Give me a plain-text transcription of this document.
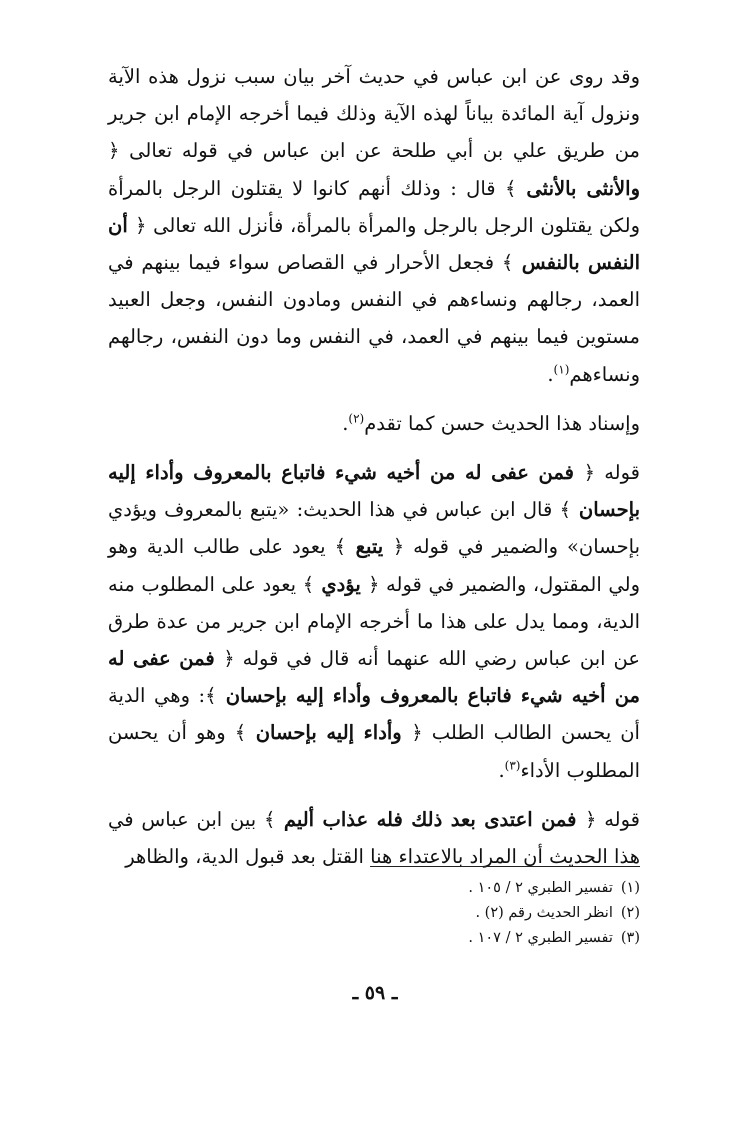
وقد روى عن ابن عباس في حديث آخر بيان سبب نزول هذه الآية ونزول آية المائدة بياناً لهذه الآية وذلك فيما أخرجه الإمام ابن جرير من طريق علي بن أبي طلحة عن ابن عباس في قوله تعالى ﴿ والأنثى بالأنثى ﴾ قال : وذلك أنهم كانوا لا يقتلون الرجل بالمرأة ولكن يقتلون الرجل بالرجل والمرأة بالمرأة، فأنزل الله تعالى ﴿ أن النفس بالنفس ﴾ فجعل الأحرار في القصاص سواء فيما بينهم في العمد، رجالهم ونساءهم في النفس ومادون النفس، وجعل العبيد مستوين فيما بينهم في العمد، في النفس وما دون النفس، رجالهم ونساءهم$^{(١)}$.

وإسناد هذا الحديث حسن كما تقدم$^{(٢)}$.

قوله ﴿ فمن عفى له من أخيه شيء فاتباع بالمعروف وأداء إليه بإحسان ﴾ قال ابن عباس في هذا الحديث: «يتبع بالمعروف ويؤدي بإحسان» والضمير في قوله ﴿ يتبع ﴾ يعود على طالب الدية وهو ولي المقتول، والضمير في قوله ﴿ يؤدي ﴾ يعود على المطلوب منه الدية، ومما يدل على هذا ما أخرجه الإمام ابن جرير من عدة طرق عن ابن عباس رضي الله عنهما أنه قال في قوله ﴿ فمن عفى له من أخيه شيء فاتباع بالمعروف وأداء إليه بإحسان ﴾: وهي الدية أن يحسن الطالب الطلب ﴿ وأداء إليه بإحسان ﴾ وهو أن يحسن المطلوب الأداء$^{(٣)}$.

قوله ﴿ فمن اعتدى بعد ذلك فله عذاب أليم ﴾ بين ابن عباس في هذا الحديث أن المراد بالاعتداء هنا القتل بعد قبول الدية، والظاهر

(١)تفسير الطبري ٢ / ١٠٥ .
(٢)انظر الحديث رقم (٢) .
(٣)تفسير الطبري ٢ / ١٠٧ .
ـ ٥٩ ـ
